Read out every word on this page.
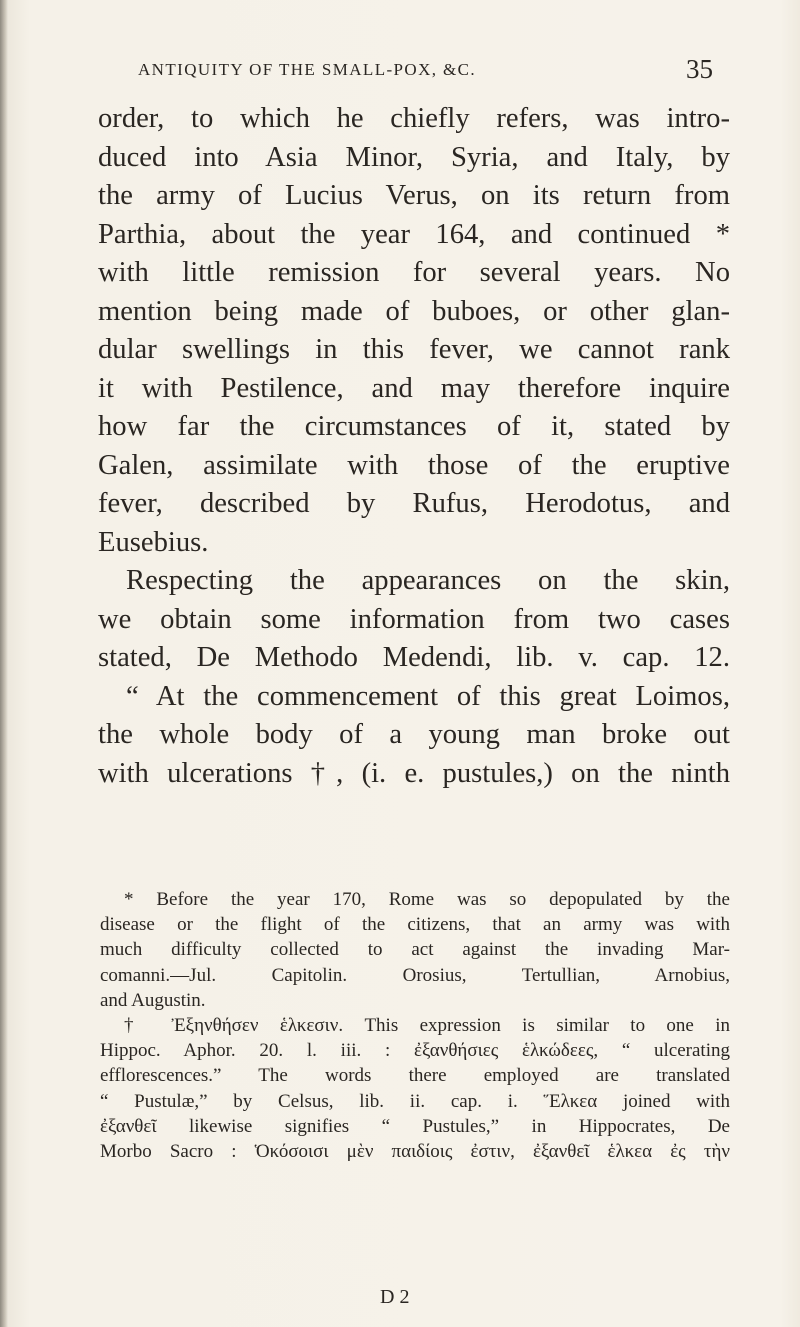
ANTIQUITY OF THE SMALL-POX, &C.	35
order, to which he chiefly refers, was intro-
duced into Asia Minor, Syria, and Italy, by
the army of Lucius Verus, on its return from
Parthia, about the year 164, and continued *
with little remission for several years. No
mention being made of buboes, or other glan-
dular swellings in this fever, we cannot rank
it with Pestilence, and may therefore inquire
how far the circumstances of it, stated by
Galen, assimilate with those of the eruptive
fever, described by Rufus, Herodotus, and
Eusebius.
Respecting the appearances on the skin,
we obtain some information from two cases
stated, De Methodo Medendi, lib. v. cap. 12.
“ At the commencement of this great Loimos,
the whole body of a young man broke out
with ulcerations †, (i. e. pustules,) on the ninth
* Before the year 170, Rome was so depopulated by the
disease or the flight of the citizens, that an army was with
much difficulty collected to act against the invading Mar-
comanni.—Jul. Capitolin. Orosius, Tertullian, Arnobius,
and Augustin.
† Ἐξηνθήσεν ἑλκεσιν. This expression is similar to one in
Hippoc. Aphor. 20. l. iii. : ἐξανθήσιες ἑλκώδεες, “ ulcerating
efflorescences.” The words there employed are translated
“ Pustulæ,” by Celsus, lib. ii. cap. i. Ἕλκεα joined with
ἐξανθεῖ likewise signifies “ Pustules,” in Hippocrates, De
Morbo Sacro : Ὁκόσοισι μὲν παιδίοις ἐστιν, ἐξανθεῖ ἑλκεα ἐς τὴν
D 2
